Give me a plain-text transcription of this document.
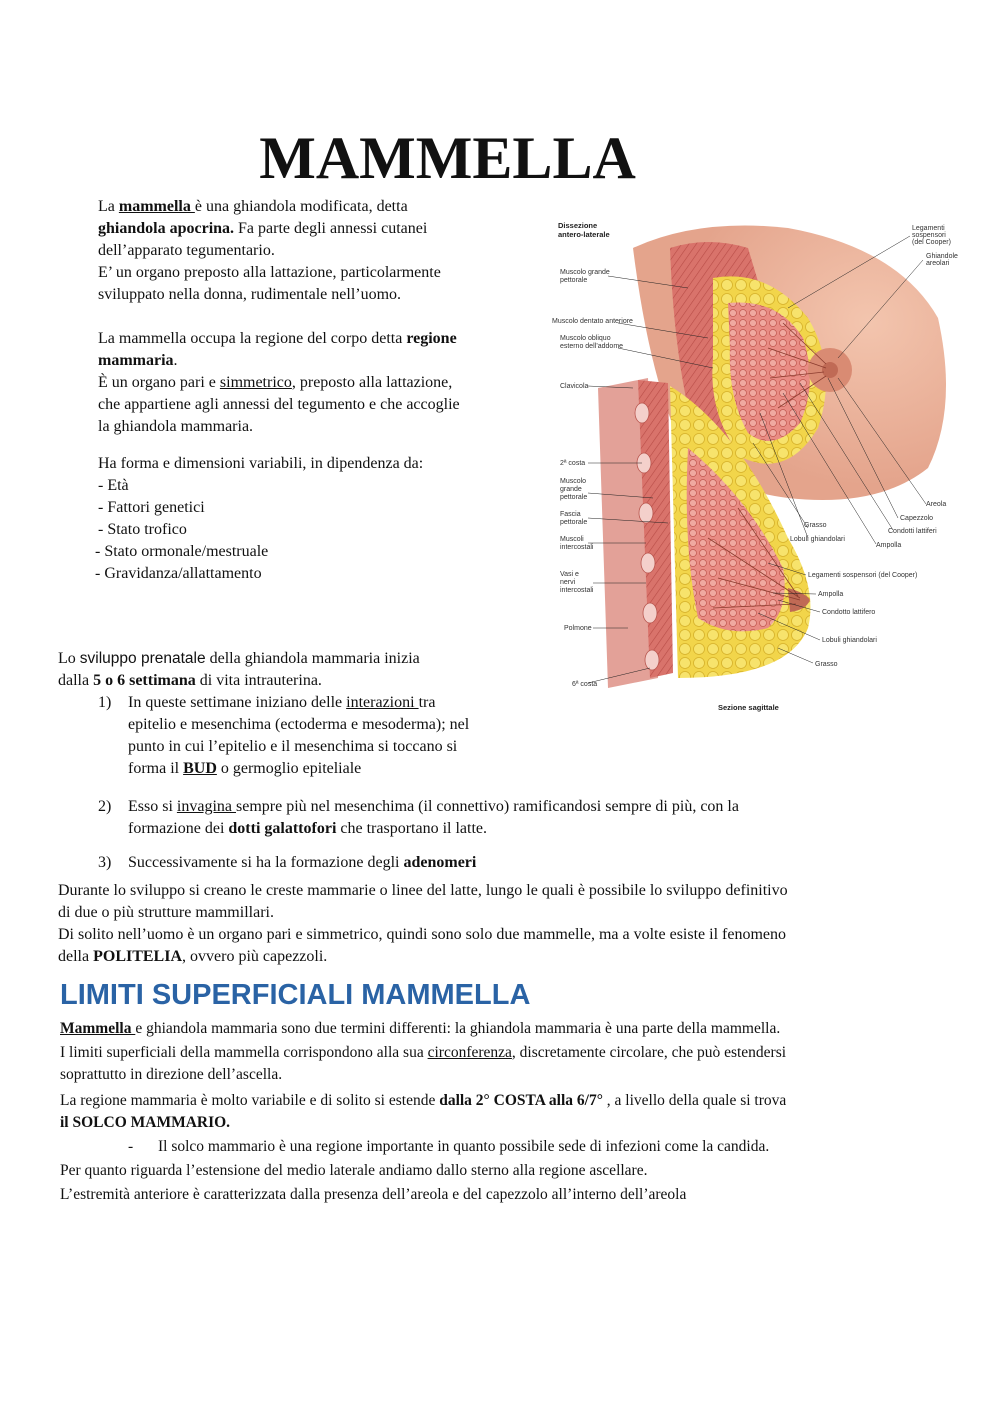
MAMMELLA
La mammella è una ghiandola modificata, detta
ghiandola apocrina. Fa parte degli annessi cutanei
dell’apparato tegumentario.
E’ un organo preposto alla lattazione, particolarmente
sviluppato nella donna, rudimentale nell’uomo.
La mammella occupa la regione del corpo detta regione
mammaria.
È un organo pari e simmetrico, preposto alla lattazione,
che appartiene agli annessi del tegumento e che accoglie
la ghiandola mammaria.
Ha forma e dimensioni variabili, in dipendenza da:
- Età
- Fattori genetici
- Stato trofico
- Stato ormonale/mestruale
- Gravidanza/allattamento
Lo sviluppo prenatale della ghiandola mammaria inizia
dalla 5 o 6 settimana di vita intrauterina.
1) In queste settimane iniziano delle interazioni tra
epitelio e mesenchima (ectoderma e mesoderma); nel
punto in cui l’epitelio e il mesenchima si toccano si
forma il BUD o germoglio epiteliale
2) Esso si invagina sempre più nel mesenchima (il connettivo) ramificandosi sempre di più, con la
formazione dei dotti galattofori che trasportano il latte.
3) Successivamente si ha la formazione degli adenomeri
Durante lo sviluppo si creano le creste mammarie o linee del latte, lungo le quali è possibile lo sviluppo definitivo
di due o più strutture mammillari.
Di solito nell’uomo è un organo pari e simmetrico, quindi sono solo due mammelle, ma a volte esiste il fenomeno
della POLITELIA, ovvero più capezzoli.
LIMITI SUPERFICIALI MAMMELLA
Mammella e ghiandola mammaria sono due termini differenti: la ghiandola mammaria è una parte della mammella.
I limiti superficiali della mammella corrispondono alla sua circonferenza, discretamente circolare, che può estendersi
soprattutto in direzione dell’ascella.
La regione mammaria è molto variabile e di solito si estende dalla 2° COSTA alla 6/7° , a livello della quale si trova
il SOLCO MAMMARIO.
- Il solco mammario è una regione importante in quanto possibile sede di infezioni come la candida.
Per quanto riguarda l’estensione del medio laterale andiamo dallo sterno alla regione ascellare.
L’estremità anteriore è caratterizzata dalla presenza dell’areola e del capezzolo all’interno dell’areola
Dissezione
antero-laterale
Muscolo grande
pettorale
Muscolo dentato anteriore
Muscolo obliquo
esterno dell’addome
Clavicola
2ª costa
Muscolo
grande
pettorale
Fascia
pettorale
Muscoli
intercostali
Vasi e
nervi
intercostali
Polmone
6ª costa
Legamenti
sospensori
(del Cooper)
Ghiandole
areolari
Areola
Capezzolo
Condotti lattiferi
Ampolla
Grasso
Lobuli ghiandolari
Legamenti sospensori (del Cooper)
Ampolla
Condotto lattifero
Lobuli ghiandolari
Grasso
Sezione sagittale
